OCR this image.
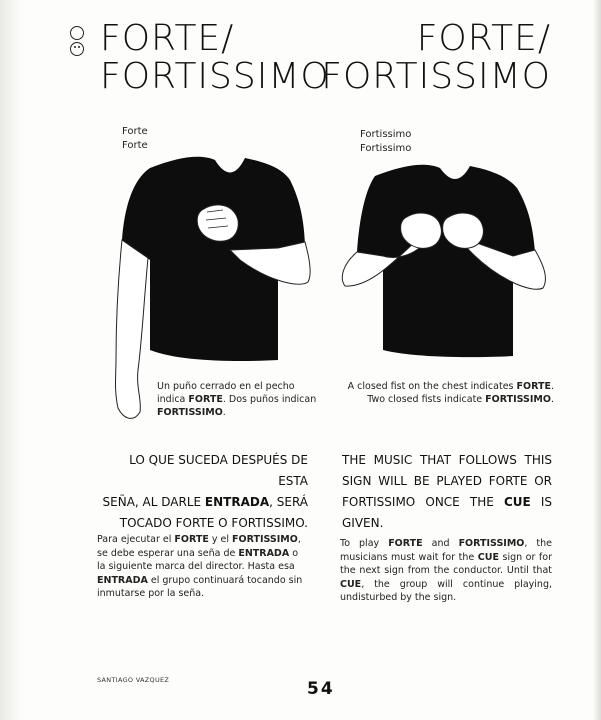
FORTE/
FORTISSIMO
FORTE/
FORTISSIMO
Forte
Forte
Fortissimo
Fortissimo
Un puño cerrado en el pecho
indica FORTE. Dos puños indican
FORTISSIMO.
A closed fist on the chest indicates FORTE.
Two closed fists indicate FORTISSIMO.
LO QUE SUCEDA DESPUÉS DE ESTA
SEÑA, AL DARLE ENTRADA, SERÁ
TOCADO FORTE O FORTISSIMO.
THE MUSIC THAT FOLLOWS THIS SIGN WILL BE PLAYED FORTE OR FORTISSIMO ONCE THE CUE IS GIVEN.
Para ejecutar el FORTE y el FORTISSIMO, se debe esperar una seña de ENTRADA o la siguiente marca del director. Hasta esa ENTRADA el grupo continuará tocando sin inmutarse por la seña.
To play FORTE and FORTISSIMO, the musicians must wait for the CUE sign or for the next sign from the conductor. Until that CUE, the group will continue playing, undisturbed by the sign.
SANTIAGO VAZQUEZ	54
